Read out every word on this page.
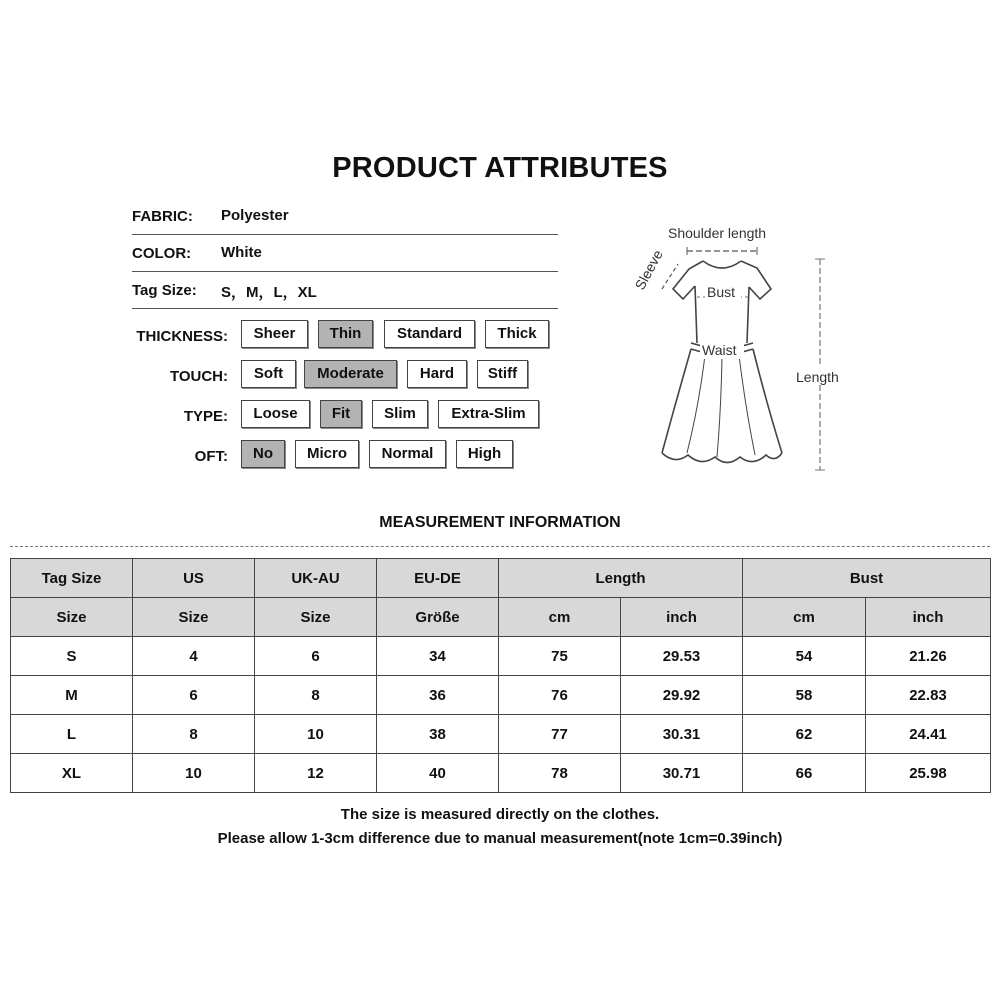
PRODUCT ATTRIBUTES
FABRIC: Polyester
COLOR: White
Tag Size: S，M，L，XL
THICKNESS:	Sheer	Thin	Standard	Thick
TOUCH:	Soft	Moderate	Hard	Stiff
TYPE:	Loose	Fit	Slim	Extra-Slim
OFT:	No	Micro	Normal	High
Shoulder length
Sleeve	Bust
Waist
Length
MEASUREMENT INFORMATION
Tag Size	US	UK-AU	EU-DE	Length		Bust	
Size	Size	Size	Größe	cm	inch	cm	inch
S	4	6	34	75	29.53	54	21.26
M	6	8	36	76	29.92	58	22.83
L	8	10	38	77	30.31	62	24.41
XL	10	12	40	78	30.71	66	25.98
The size is measured directly on the clothes.
Please allow 1-3cm difference due to manual measurement(note 1cm=0.39inch)
